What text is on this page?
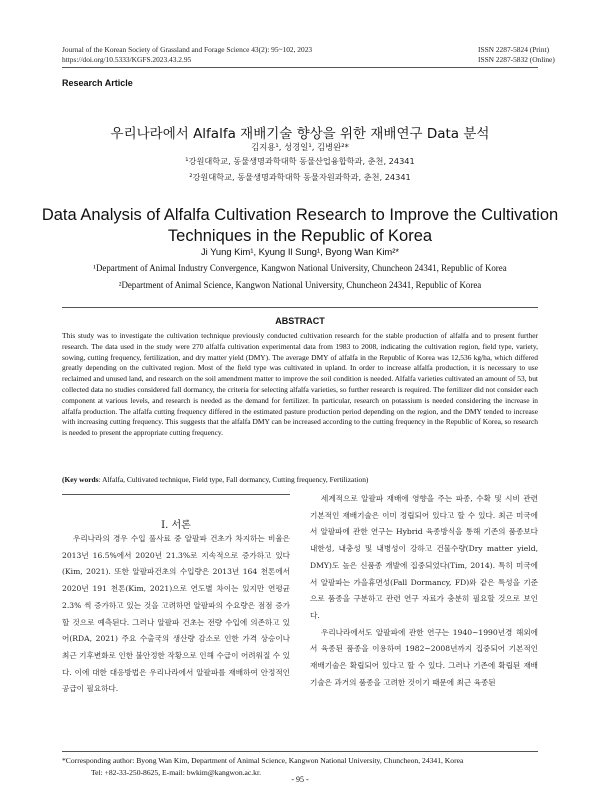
Journal of the Korean Society of Grassland and Forage Science 43(2): 95~102, 2023
https://doi.org/10.5333/KGFS.2023.43.2.95
ISSN 2287-5824 (Print)
ISSN 2287-5832 (Online)
Research Article
우리나라에서 Alfalfa 재배기술 향상을 위한 재배연구 Data 분석
김지용¹, 성경일¹, 김병완²*
¹강원대학교, 동물생명과학대학 동물산업융합학과, 춘천, 24341
²강원대학교, 동물생명과학대학 동물자원과학과, 춘천, 24341
Data Analysis of Alfalfa Cultivation Research to Improve the Cultivation
Techniques in the Republic of Korea
Ji Yung Kim¹, Kyung Il Sung¹, Byong Wan Kim²*
¹Department of Animal Industry Convergence, Kangwon National University, Chuncheon 24341, Republic of Korea
²Department of Animal Science, Kangwon National University, Chuncheon 24341, Republic of Korea
ABSTRACT
This study was to investigate the cultivation technique previously conducted cultivation research for the stable production of alfalfa and to present further research. The data used in the study were 270 alfalfa cultivation experimental data from 1983 to 2008, indicating the cultivation region, field type, variety, sowing, cutting frequency, fertilization, and dry matter yield (DMY). The average DMY of alfalfa in the Republic of Korea was 12,536 kg/ha, which differed greatly depending on the cultivated region. Most of the field type was cultivated in upland. In order to increase alfalfa production, it is necessary to use reclaimed and unused land, and research on the soil amendment matter to improve the soil condition is needed. Alfalfa varieties cultivated an amount of 53, but collected data no studies considered fall dormancy, the criteria for selecting alfalfa varieties, so further research is required. The fertilizer did not consider each component at various levels, and research is needed as the demand for fertilizer. In particular, research on potassium is needed considering the increase in alfalfa production. The alfalfa cutting frequency differed in the estimated pasture production period depending on the region, and the DMY tended to increase with increasing cutting frequency. This suggests that the alfalfa DMY can be increased according to the cutting frequency in the Republic of Korea, so research is needed to present the appropriate cutting frequency.
(Key words: Alfalfa, Cultivated technique, Field type, Fall dormancy, Cutting frequency, Fertilization)
Ⅰ. 서론

우리나라의 경우 수입 풀사료 중 알팔파 건초가 차지하는 비율은 2013년 16.5%에서 2020년 21.3%로 지속적으로 증가하고 있다(Kim, 2021). 또한 알팔파건초의 수입량은 2013년 164 천톤에서 2020년 191 천톤(Kim, 2021)으로 연도별 차이는 있지만 연평균 2.3% 씩 증가하고 있는 것을 고려하면 알팔파의 수요량은 점점 증가할 것으로 예측된다. 그러나 알팔파 건초는 전량 수입에 의존하고 있어(RDA, 2021) 주요 수출국의 생산량 감소로 인한 가격 상승이나 최근 기후변화로 인한 불안정한 작황으로 인해 수급이 어려워질 수 있다. 이에 대한 대응방법은 우리나라에서 알팔파를 재배하여 안정적인 공급이 필요하다.

세계적으로 알팔파 재배에 영향을 주는 파종, 수확 및 시비 관련 기본적인 재배기술은 이미 정립되어 있다고 할 수 있다. 최근 미국에서 알팔파에 관한 연구는 Hybrid 육종방식을 통해 기존의 품종보다 내한성, 내충성 및 내병성이 강하고 건물수량(Dry matter yield, DMY)도 높은 신품종 개발에 집중되었다(Tim, 2014). 특히 미국에서 알팔파는 가을휴면성(Fall Dormancy, FD)와 같은 특성을 기준으로 품종을 구분하고 관련 연구 자료가 충분히 필요할 것으로 보인다.

우리나라에서도 알팔파에 관한 연구는 1940~1990년경 해외에서 육종된 품종을 이용하여 1982~2008년까지 집중되어 기본적인 재배기술은 확립되어 있다고 할 수 있다. 그러나 기존에 확립된 재배기술은 과거의 품종을 고려한 것이기 때문에 최근 육종된

*Corresponding author: Byong Wan Kim, Department of Animal Science, Kangwon National University, Chuncheon, 24341, Korea
Tel: +82-33-250-8625, E-mail: bwkim@kangwon.ac.kr.
- 95 -
